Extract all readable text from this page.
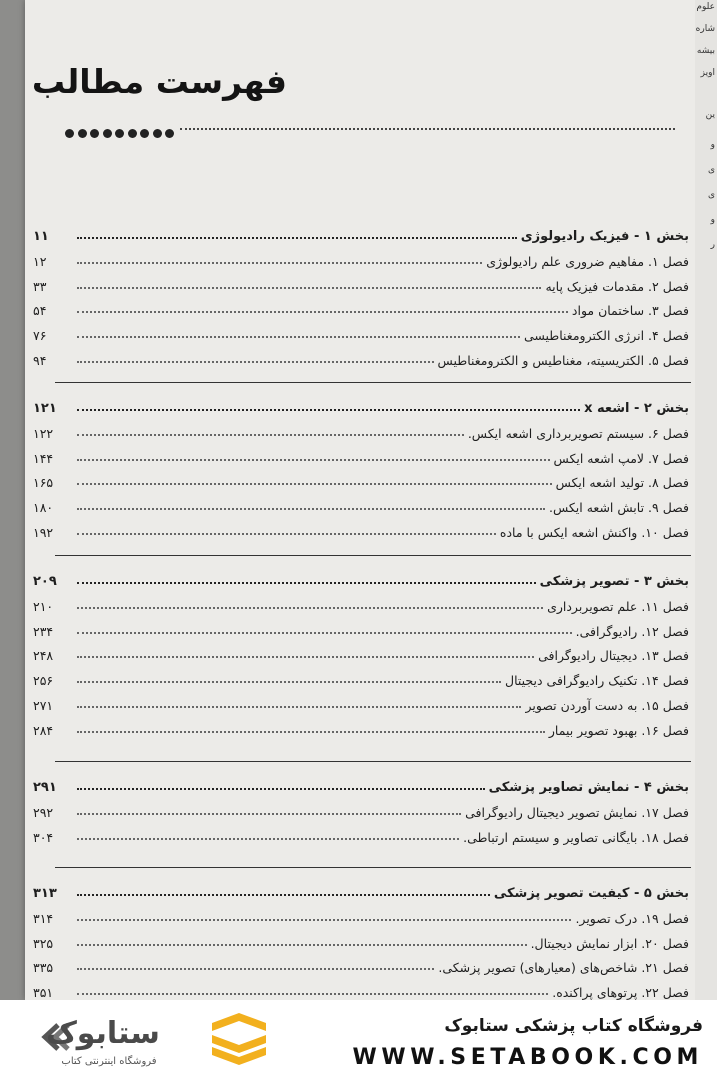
فهرست مطالب
بخش ۱ - فیزیک رادیولوژی
۱۱
فصل ۱. مفاهیم ضروری علم رادیولوژی
۱۲
فصل ۲. مقدمات فیزیک پایه
۳۳
فصل ۳. ساختمان مواد
۵۴
فصل ۴. انرژی الکترومغناطیسی
۷۶
فصل ۵. الکتریسیته، مغناطیس و الکترومغناطیس
۹۴
بخش ۲ - اشعه x
۱۲۱
فصل ۶. سیستم تصویربرداری اشعه ایکس.
۱۲۲
فصل ۷. لامپ اشعه ایکس
۱۴۴
فصل ۸. تولید اشعه ایکس
۱۶۵
فصل ۹. تابش اشعه ایکس.
۱۸۰
فصل ۱۰. واکنش اشعه ایکس با ماده
۱۹۲
بخش ۳ - تصویر پزشکی
۲۰۹
فصل ۱۱. علم تصویربرداری
۲۱۰
فصل ۱۲. رادیوگرافی.
۲۳۴
فصل ۱۳. دیجیتال رادیوگرافی
۲۴۸
فصل ۱۴. تکنیک رادیوگرافی دیجیتال
۲۵۶
فصل ۱۵. به دست آوردن تصویر
۲۷۱
فصل ۱۶. بهبود تصویر بیمار
۲۸۴
بخش ۴ - نمایش تصاویر پزشکی
۲۹۱
فصل ۱۷. نمایش تصویر دیجیتال رادیوگرافی
۲۹۲
فصل ۱۸. بایگانی تصاویر و سیستم ارتباطی.
۳۰۴
بخش ۵ - کیفیت تصویر پزشکی
۳۱۳
فصل ۱۹. درک تصویر.
۳۱۴
فصل ۲۰. ابزار نمایش دیجیتال.
۳۲۵
فصل ۲۱. شاخص‌های (معیارهای) تصویر پزشکی.
۳۳۵
فصل ۲۲. پرتوهای پراکنده.
۳۵۱
علوم
شاره
بیشه
اویز
ین
و
ی
ی
و
ر
ستابوک
فروشگاه اینترنتی کتاب
فروشگاه کتاب پزشکی ستابوک
WWW.SETABOOK.COM
